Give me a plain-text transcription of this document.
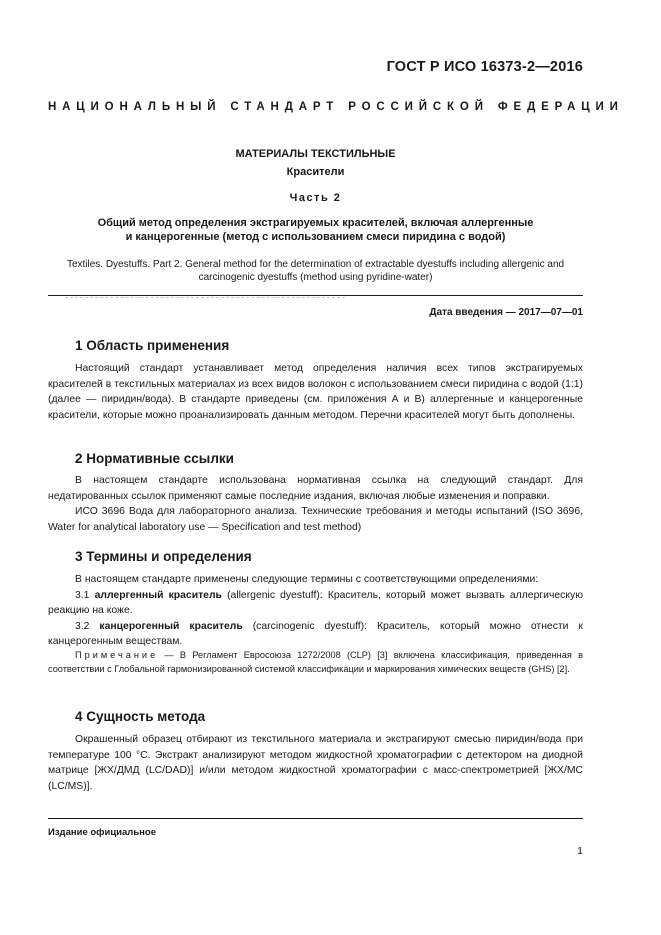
ГОСТ Р ИСО 16373-2—2016
НАЦИОНАЛЬНЫЙ СТАНДАРТ РОССИЙСКОЙ ФЕДЕРАЦИИ
МАТЕРИАЛЫ ТЕКСТИЛЬНЫЕ
Красители
Часть 2
Общий метод определения экстрагируемых красителей, включая аллергенные
и канцерогенные (метод с использованием смеси пиридина с водой)
Textiles. Dyestuffs. Part 2. General method for the determination of extractable dyestuffs including allergenic and
carcinogenic dyestuffs (method using pyridine-water)
Дата введения — 2017—07—01
1 Область применения

Настоящий стандарт устанавливает метод определения наличия всех типов экстрагируемых красителей в текстильных материалах из всех видов волокон с использованием смеси пиридина с водой (1:1) (далее — пиридин/вода). В стандарте приведены (см. приложения А и В) аллергенные и канцерогенные красители, которые можно проанализировать данным методом. Перечни красителей могут быть дополнены.

2 Нормативные ссылки

В настоящем стандарте использована нормативная ссылка на следующий стандарт. Для недатированных ссылок применяют самые последние издания, включая любые изменения и поправки.

ИСО 3696 Вода для лабораторного анализа. Технические требования и методы испытаний (ISO 3696, Water for analytical laboratory use — Specification and test method)

3 Термины и определения

В настоящем стандарте применены следующие термины с соответствующими определениями:

3.1 аллергенный краситель (allergenic dyestuff): Краситель, который может вызвать аллергическую реакцию на коже.

3.2 канцерогенный краситель (carcinogenic dyestuff): Краситель, который можно отнести к канцерогенным веществам.

Примечание — В Регламент Евросоюза 1272/2008 (CLP) [3] включена классификация, приведенная в соответствии с Глобальной гармонизированной системой классификации и маркирования химических веществ (GHS) [2].

4 Сущность метода

Окрашенный образец отбирают из текстильного материала и экстрагируют смесью пиридин/вода при температуре 100 °С. Экстракт анализируют методом жидкостной хроматографии с детектором на диодной матрице [ЖХ/ДМД (LC/DAD)] и/или методом жидкостной хроматографии с масс-спектрометрией [ЖХ/МС (LC/MS)].

Издание официальное
1
